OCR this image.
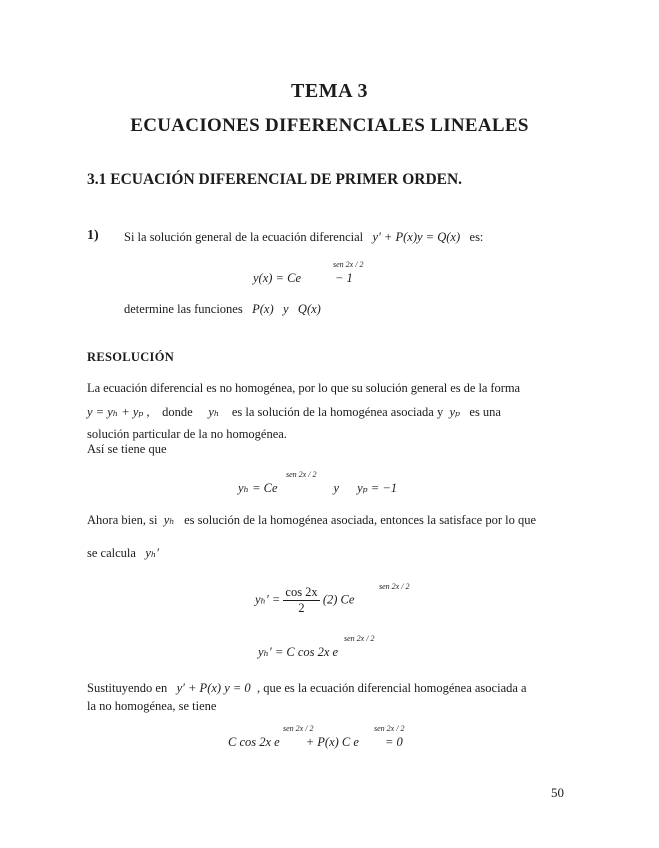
TEMA 3
ECUACIONES DIFERENCIALES LINEALES
3.1 ECUACIÓN DIFERENCIAL DE PRIMER ORDEN.
1) Si la solución general de la ecuación diferencial y′ + P(x)y = Q(x) es:
y(x) = Ce
sen 2x / 2
− 1
determine las funciones P(x) y Q(x)
RESOLUCIÓN
La ecuación diferencial es no homogénea, por lo que su solución general es de la forma
y = yₕ + yₚ , donde yₕ es la solución de la homogénea asociada y yₚ es una
solución particular de la no homogénea.
Así se tiene que
yₕ = Ce
sen 2x / 2
y yₚ = −1
Ahora bien, si yₕ es solución de la homogénea asociada, entonces la satisface por lo que
se calcula yₕ′
$y_h' = \frac{\cos 2x}{2} (2)$ Ce
sen 2x / 2
yₕ′ = C cos 2x e
sen 2x / 2
Sustituyendo en y′ + P(x) y = 0 , que es la ecuación diferencial homogénea asociada a
la no homogénea, se tiene
C cos 2x e
sen 2x / 2
+ P(x) C e
sen 2x / 2
= 0
50
